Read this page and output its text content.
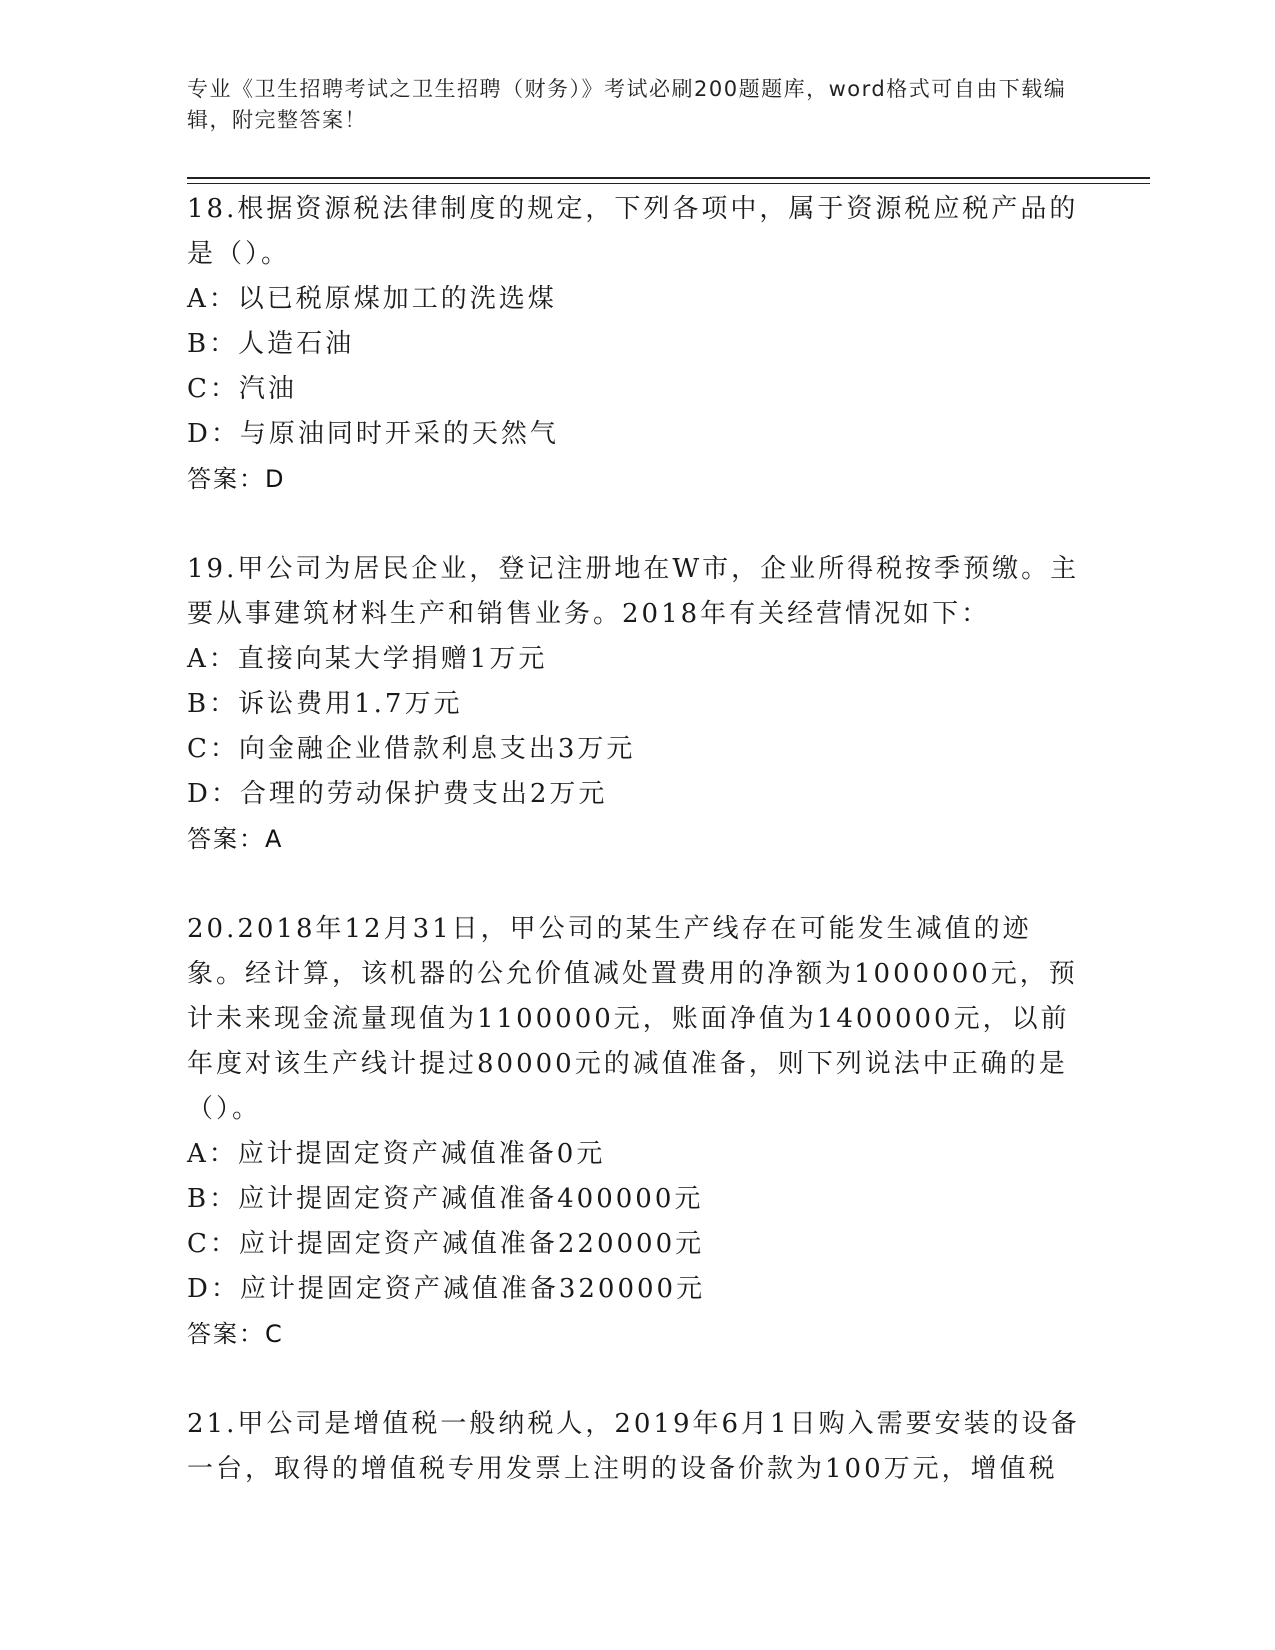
专业《卫生招聘考试之卫生招聘（财务）》考试必刷200题题库，word格式可自由下载编辑，附完整答案！

18.根据资源税法律制度的规定，下列各项中，属于资源税应税产品的是（）。

A：以已税原煤加工的洗选煤

B：人造石油

C：汽油

D：与原油同时开采的天然气

答案：D

19.甲公司为居民企业，登记注册地在W市，企业所得税按季预缴。主要从事建筑材料生产和销售业务。2018年有关经营情况如下：

A：直接向某大学捐赠1万元

B：诉讼费用1.7万元

C：向金融企业借款利息支出3万元

D：合理的劳动保护费支出2万元

答案：A

20.2018年12月31日，甲公司的某生产线存在可能发生减值的迹象。经计算，该机器的公允价值减处置费用的净额为1000000元，预计未来现金流量现值为1100000元，账面净值为1400000元，以前年度对该生产线计提过80000元的减值准备，则下列说法中正确的是（）。

A：应计提固定资产减值准备0元

B：应计提固定资产减值准备400000元

C：应计提固定资产减值准备220000元

D：应计提固定资产减值准备320000元

答案：C

21.甲公司是增值税一般纳税人，2019年6月1日购入需要安装的设备一台，取得的增值税专用发票上注明的设备价款为100万元，增值税
